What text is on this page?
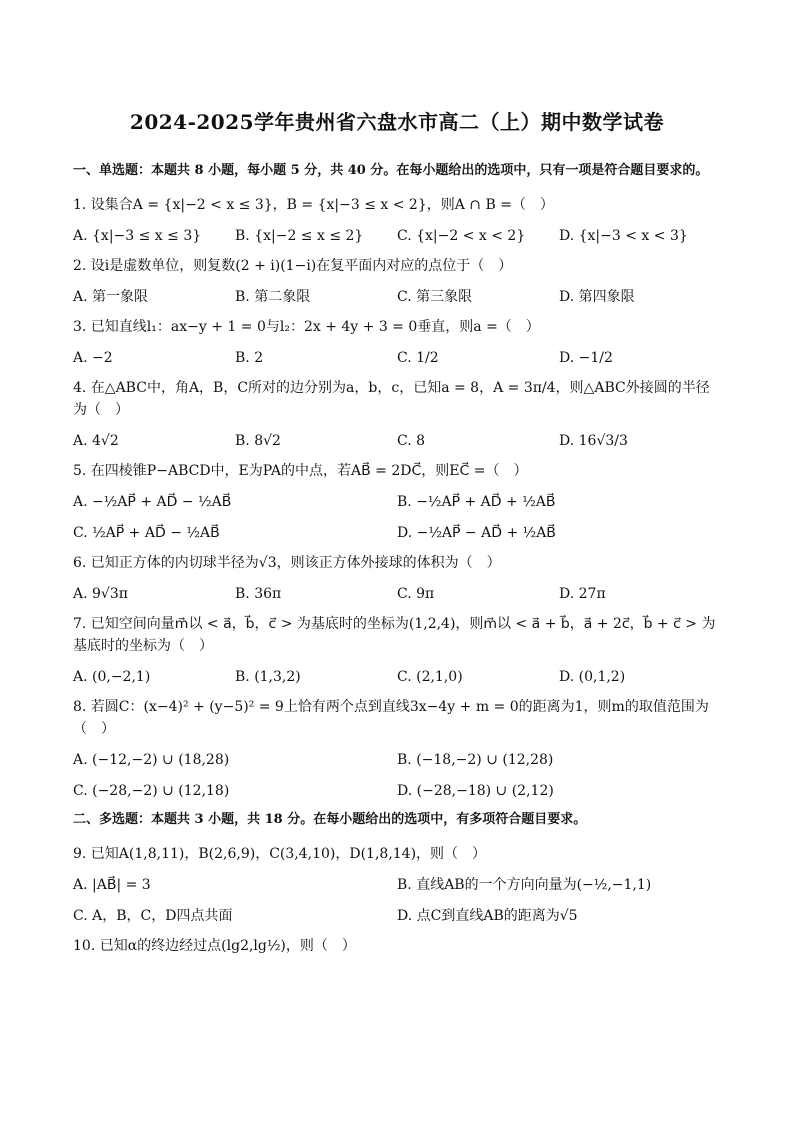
2024-2025学年贵州省六盘水市高二（上）期中数学试卷
一、单选题：本题共 8 小题，每小题 5 分，共 40 分。在每小题给出的选项中，只有一项是符合题目要求的。
1. 设集合A = {x|−2 < x ≤ 3}，B = {x|−3 ≤ x < 2}，则A ∩ B =（　）
A. {x|−3 ≤ x ≤ 3}	B. {x|−2 ≤ x ≤ 2}	C. {x|−2 < x < 2}	D. {x|−3 < x < 3}
2. 设i是虚数单位，则复数(2 + i)(1−i)在复平面内对应的点位于（　）
A. 第一象限	B. 第二象限	C. 第三象限	D. 第四象限
3. 已知直线l₁：ax−y + 1 = 0与l₂：2x + 4y + 3 = 0垂直，则a =（　）
A. −2	B. 2	C. 1/2	D. −1/2
4. 在△ABC中，角A，B，C所对的边分别为a，b，c，已知a = 8，A = 3π/4，则△ABC外接圆的半径为（　）
A. 4√2	B. 8√2	C. 8	D. 16√3/3
5. 在四棱锥P−ABCD中，E为PA的中点，若AB⃗ = 2DC⃗，则EC⃗ =（　）
A. −½AP⃗ + AD⃗ − ½AB⃗	B. −½AP⃗ + AD⃗ + ½AB⃗
C. ½AP⃗ + AD⃗ − ½AB⃗	D. −½AP⃗ − AD⃗ + ½AB⃗
6. 已知正方体的内切球半径为√3，则该正方体外接球的体积为（　）
A. 9√3π	B. 36π	C. 9π	D. 27π
7. 已知空间向量m⃗以 < a⃗，b⃗，c⃗ > 为基底时的坐标为(1,2,4)，则m⃗以 < a⃗ + b⃗，a⃗ + 2c⃗，b⃗ + c⃗ > 为基底时的坐标为（　）
A. (0,−2,1)	B. (1,3,2)	C. (2,1,0)	D. (0,1,2)
8. 若圆C：(x−4)² + (y−5)² = 9上恰有两个点到直线3x−4y + m = 0的距离为1，则m的取值范围为（　）
A. (−12,−2) ∪ (18,28)	B. (−18,−2) ∪ (12,28)
C. (−28,−2) ∪ (12,18)	D. (−28,−18) ∪ (2,12)
二、多选题：本题共 3 小题，共 18 分。在每小题给出的选项中，有多项符合题目要求。
9. 已知A(1,8,11)，B(2,6,9)，C(3,4,10)，D(1,8,14)，则（　）
A. |AB⃗| = 3	B. 直线AB的一个方向向量为(−½,−1,1)
C. A，B，C，D四点共面	D. 点C到直线AB的距离为√5
10. 已知α的终边经过点(lg2,lg½)，则（　）
